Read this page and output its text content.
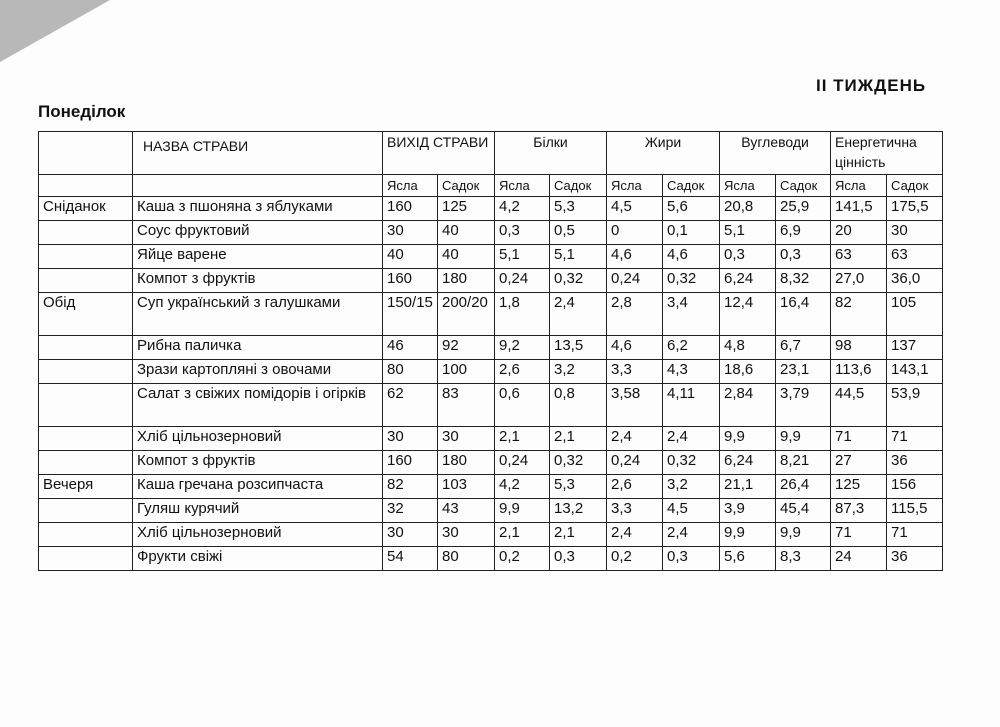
II ТИЖДЕНЬ
Понеділок

	НАЗВА СТРАВИ	ВИХІД СТРАВИ		Білки		Жири		Вуглеводи		Енергетична цінність	
		Ясла	Садок	Ясла	Садок	Ясла	Садок	Ясла	Садок	Ясла	Садок
Сніданок	Каша з пшоняна з яблуками	160	125	4,2	5,3	4,5	5,6	20,8	25,9	141,5	175,5
	Соус фруктовий	30	40	0,3	0,5	0	0,1	5,1	6,9	20	30
	Яйце варене	40	40	5,1	5,1	4,6	4,6	0,3	0,3	63	63
	Компот з фруктів	160	180	0,24	0,32	0,24	0,32	6,24	8,32	27,0	36,0
Обід	Суп український з галушками	150/15	200/20	1,8	2,4	2,8	3,4	12,4	16,4	82	105
	Рибна паличка	46	92	9,2	13,5	4,6	6,2	4,8	6,7	98	137
	Зрази картопляні з овочами	80	100	2,6	3,2	3,3	4,3	18,6	23,1	113,6	143,1
	Салат з свіжих помідорів і огірків	62	83	0,6	0,8	3,58	4,11	2,84	3,79	44,5	53,9
	Хліб цільнозерновий	30	30	2,1	2,1	2,4	2,4	9,9	9,9	71	71
	Компот з фруктів	160	180	0,24	0,32	0,24	0,32	6,24	8,21	27	36
Вечеря	Каша гречана розсипчаста	82	103	4,2	5,3	2,6	3,2	21,1	26,4	125	156
	Гуляш курячий	32	43	9,9	13,2	3,3	4,5	3,9	45,4	87,3	115,5
	Хліб цільнозерновий	30	30	2,1	2,1	2,4	2,4	9,9	9,9	71	71
	Фрукти свіжі	54	80	0,2	0,3	0,2	0,3	5,6	8,3	24	36
